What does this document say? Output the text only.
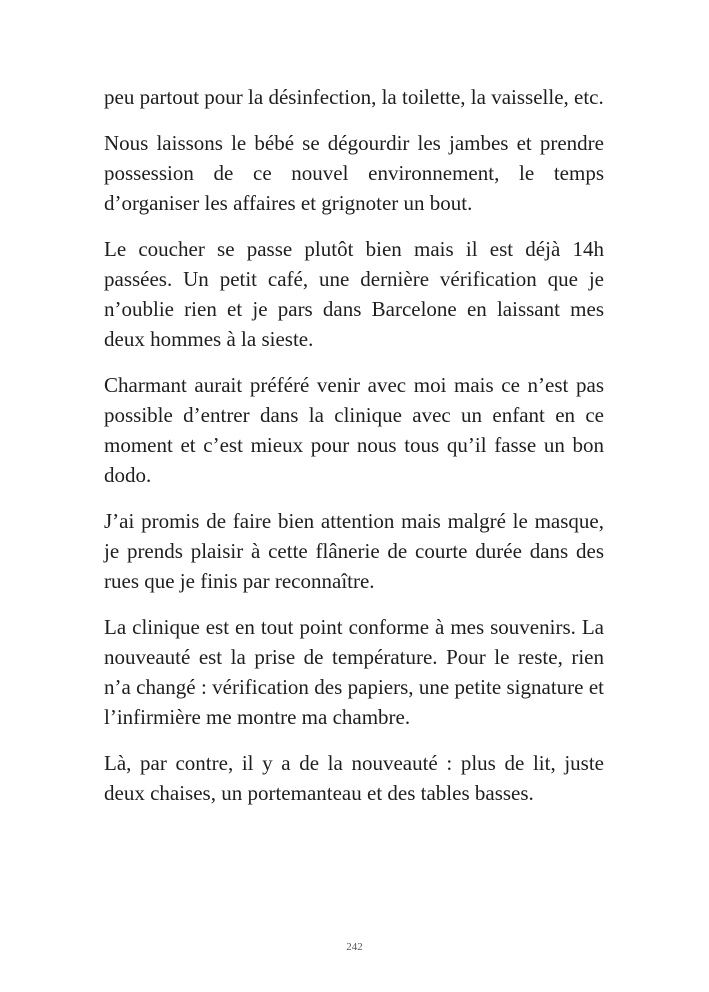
peu partout pour la désinfection, la toilette, la vaisselle, etc.

Nous laissons le bébé se dégourdir les jambes et prendre possession de ce nouvel environnement, le temps d’organiser les affaires et grignoter un bout.

Le coucher se passe plutôt bien mais il est déjà 14h passées. Un petit café, une dernière vérification que je n’oublie rien et je pars dans Barcelone en laissant mes deux hommes à la sieste.

Charmant aurait préféré venir avec moi mais ce n’est pas possible d’entrer dans la clinique avec un enfant en ce moment et c’est mieux pour nous tous qu’il fasse un bon dodo.

J’ai promis de faire bien attention mais malgré le masque, je prends plaisir à cette flânerie de courte durée dans des rues que je finis par reconnaître.

La clinique est en tout point conforme à mes souvenirs. La nouveauté est la prise de température. Pour le reste, rien n’a changé : vérification des papiers, une petite signature et l’infirmière me montre ma chambre.

Là, par contre, il y a de la nouveauté : plus de lit, juste deux chaises, un portemanteau et des tables basses.

242
